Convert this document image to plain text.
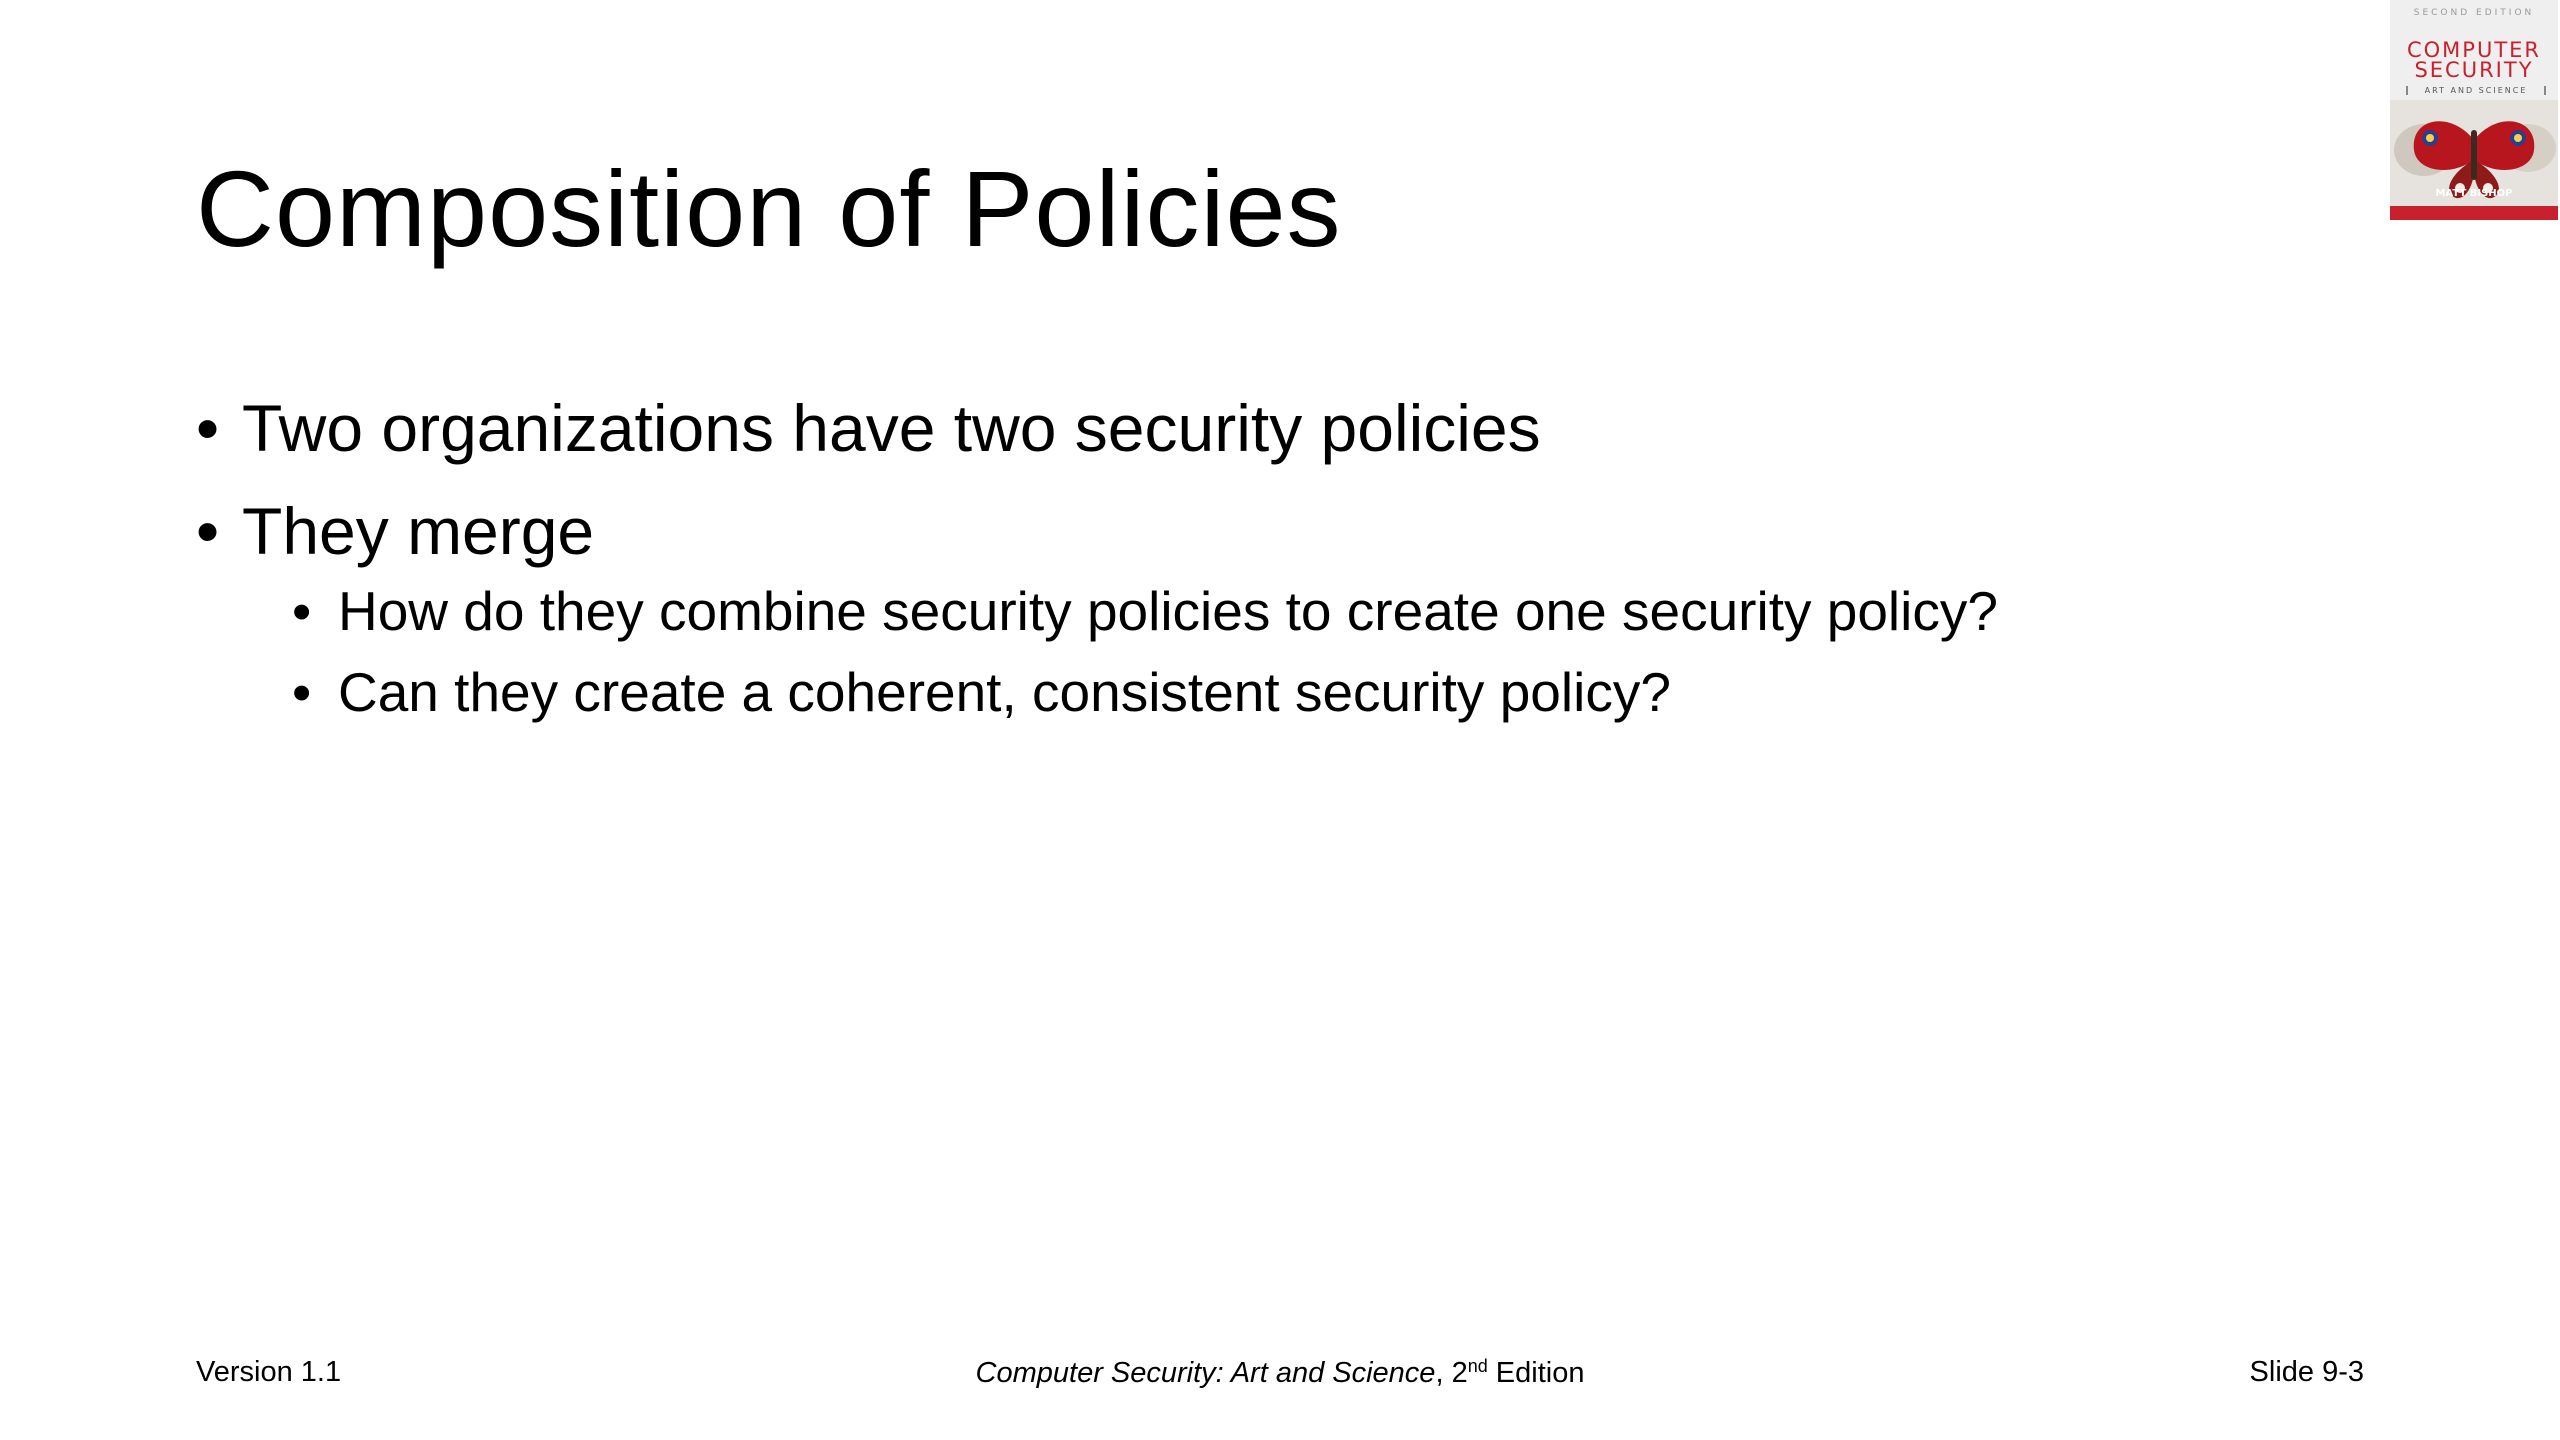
Composition of Policies
• Two organizations have two security policies
• They merge
• How do they combine security policies to create one security policy?
• Can they create a coherent, consistent security policy?
SECOND EDITION
COMPUTER
SECURITY
ART AND SCIENCE
MATT BISHOP
Version 1.1	Computer Security: Art and Science, 2nd Edition	Slide 9-3
